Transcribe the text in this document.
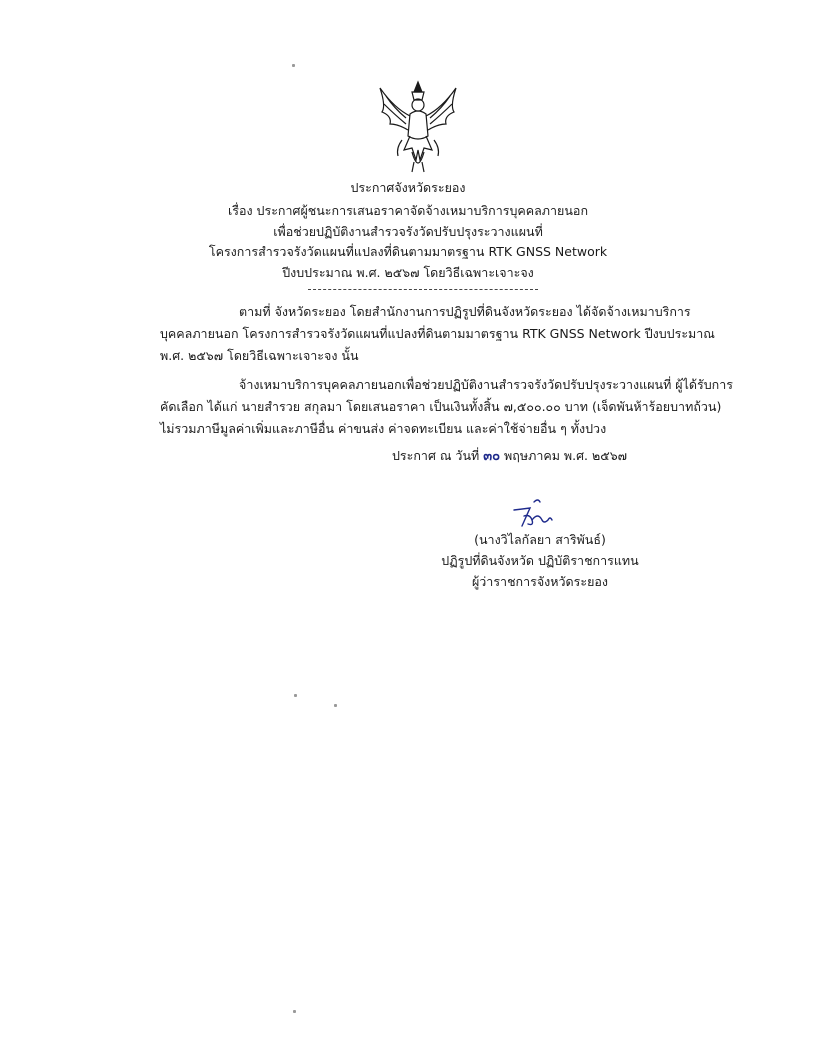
ประกาศจังหวัดระยอง
เรื่อง ประกาศผู้ชนะการเสนอราคาจัดจ้างเหมาบริการบุคคลภายนอก
เพื่อช่วยปฏิบัติงานสำรวจรังวัดปรับปรุงระวางแผนที่
โครงการสำรวจรังวัดแผนที่แปลงที่ดินตามมาตรฐาน RTK GNSS Network
ปีงบประมาณ พ.ศ. ๒๕๖๗ โดยวิธีเฉพาะเจาะจง
ตามที่ จังหวัดระยอง โดยสำนักงานการปฏิรูปที่ดินจังหวัดระยอง ได้จัดจ้างเหมาบริการ
บุคคลภายนอก โครงการสำรวจรังวัดแผนที่แปลงที่ดินตามมาตรฐาน RTK GNSS Network ปีงบประมาณ
พ.ศ. ๒๕๖๗ โดยวิธีเฉพาะเจาะจง นั้น
จ้างเหมาบริการบุคคลภายนอกเพื่อช่วยปฏิบัติงานสำรวจรังวัดปรับปรุงระวางแผนที่ ผู้ได้รับการ
คัดเลือก ได้แก่ นายสำรวย สกุลมา โดยเสนอราคา เป็นเงินทั้งสิ้น ๗,๕๐๐.๐๐ บาท (เจ็ดพันห้าร้อยบาทถ้วน)
ไม่รวมภาษีมูลค่าเพิ่มและภาษีอื่น ค่าขนส่ง ค่าจดทะเบียน และค่าใช้จ่ายอื่น ๆ ทั้งปวง
ประกาศ ณ วันที่ ๓๐ พฤษภาคม พ.ศ. ๒๕๖๗
(นางวิไลกัลยา สาริพันธ์)
ปฏิรูปที่ดินจังหวัด ปฏิบัติราชการแทน
ผู้ว่าราชการจังหวัดระยอง
